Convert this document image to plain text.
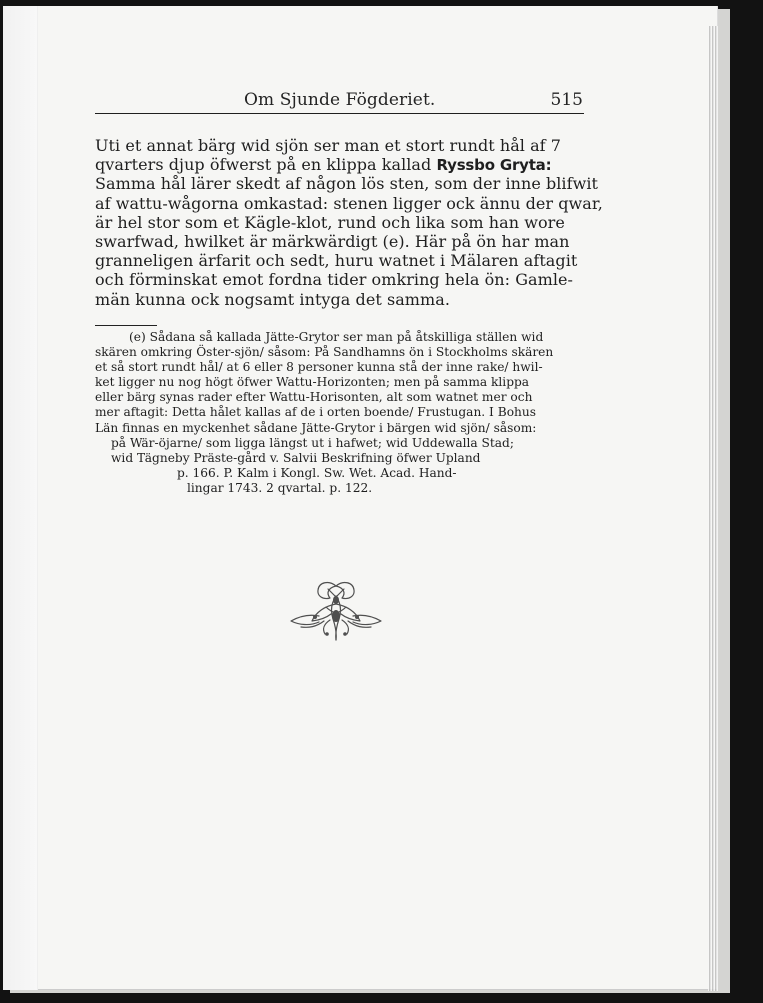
Om Sjunde Fögderiet.	515
Uti et annat bärg wid sjön ser man et stort rundt hål af 7
qvarters djup öfwerst på en klippa kallad Ryssbo Gryta:
Samma hål lärer skedt af någon lös sten, som der inne blifwit
af wattu-wågorna omkastad: stenen ligger ock ännu der qwar,
är hel stor som et Kägle-klot, rund och lika som han wore
swarfwad, hwilket är märkwärdigt (e). Här på ön har man
granneligen ärfarit och sedt, huru watnet i Mälaren aftagit
och förminskat emot fordna tider omkring hela ön: Gamle-
män kunna ock nogsamt intyga det samma.
(e) Sådana så kallada Jätte-Grytor ser man på åtskilliga ställen wid
skären omkring Öster-sjön/ såsom: På Sandhamns ön i Stockholms skären
et så stort rundt hål/ at 6 eller 8 personer kunna stå der inne rake/ hwil-
ket ligger nu nog högt öfwer Wattu-Horizonten; men på samma klippa
eller bärg synas rader efter Wattu-Horisonten, alt som watnet mer och
mer aftagit: Detta hålet kallas af de i orten boende/ Frustugan. I Bohus
Län finnas en myckenhet sådane Jätte-Grytor i bärgen wid sjön/ såsom:
på Wär-öjarne/ som ligga längst ut i hafwet; wid Uddewalla Stad;
wid Tägneby Präste-gård v. Salvii Beskrifning öfwer Upland
p. 166. P. Kalm i Kongl. Sw. Wet. Acad. Hand-
lingar 1743. 2 qvartal. p. 122.
